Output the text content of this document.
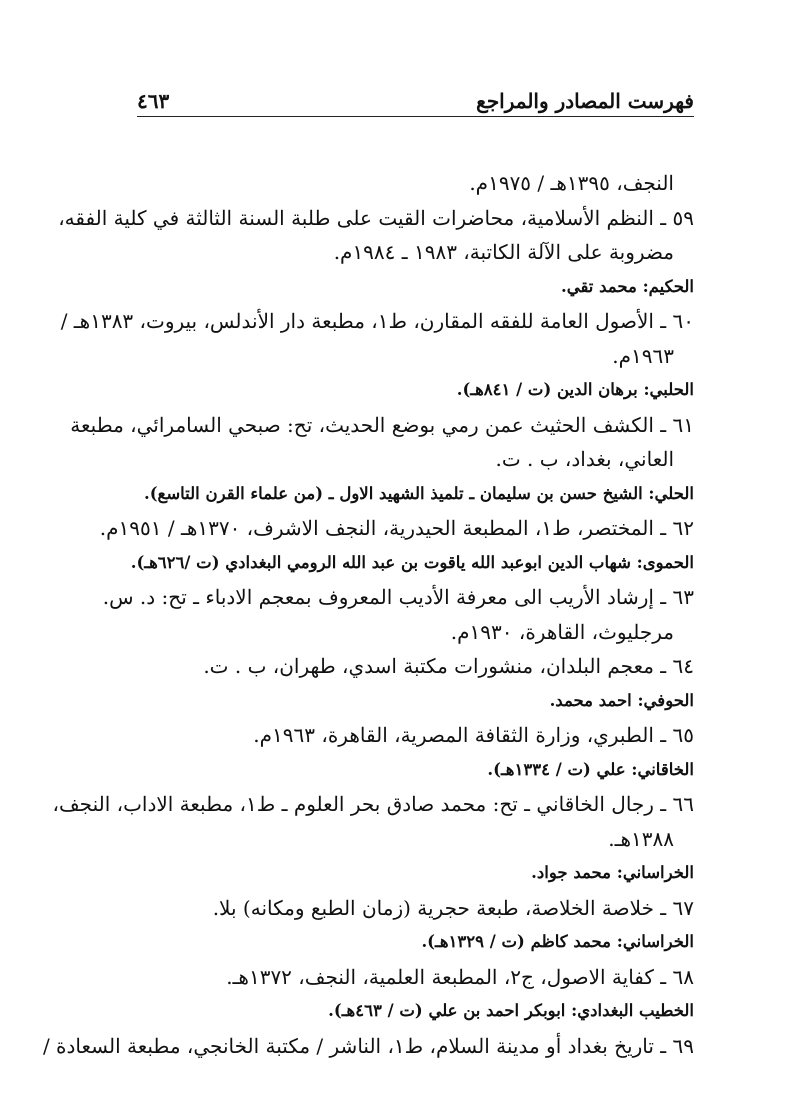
٤٦٣	فهرست المصادر والمراجع
النجف، ١٣٩٥هـ / ١٩٧٥م.
٥٩ ـ النظم الأسلامية، محاضرات القيت على طلبة السنة الثالثة في كلية الفقه،
مضروبة على الآلة الكاتبة، ١٩٨٣ ـ ١٩٨٤م.
الحكيم: محمد تقي.
٦٠ ـ الأصول العامة للفقه المقارن، ط١، مطبعة دار الأندلس، بيروت، ١٣٨٣هـ /
١٩٦٣م.
الحلبي: برهان الدين (ت / ٨٤١هـ).
٦١ ـ الكشف الحثيث عمن رمي بوضع الحديث، تح: صبحي السامرائي، مطبعة
العاني، بغداد، ب . ت.
الحلي: الشيخ حسن بن سليمان ـ تلميذ الشهيد الاول ـ (من علماء القرن التاسع).
٦٢ ـ المختصر، ط١، المطبعة الحيدرية، النجف الاشرف، ١٣٧٠هـ / ١٩٥١م.
الحموى: شهاب الدين ابوعبد الله ياقوت بن عبد الله الرومي البغدادي (ت /٦٢٦هـ).
٦٣ ـ إرشاد الأريب الى معرفة الأديب المعروف بمعجم الادباء ـ تح: د. س.
مرجليوث، القاهرة، ١٩٣٠م.
٦٤ ـ معجم البلدان، منشورات مكتبة اسدي، طهران، ب . ت.
الحوفي: احمد محمد.
٦٥ ـ الطبري، وزارة الثقافة المصرية، القاهرة، ١٩٦٣م.
الخاقاني: علي (ت / ١٣٣٤هـ).
٦٦ ـ رجال الخاقاني ـ تح: محمد صادق بحر العلوم ـ ط١، مطبعة الاداب، النجف،
١٣٨٨هـ.
الخراساني: محمد جواد.
٦٧ ـ خلاصة الخلاصة، طبعة حجرية (زمان الطبع ومكانه) بلا.
الخراساني: محمد كاظم (ت / ١٣٢٩هـ).
٦٨ ـ كفاية الاصول، ج٢، المطبعة العلمية، النجف، ١٣٧٢هـ.
الخطيب البغدادي: ابوبكر احمد بن علي (ت / ٤٦٣هـ).
٦٩ ـ تاريخ بغداد أو مدينة السلام، ط١، الناشر / مكتبة الخانجي، مطبعة السعادة /
